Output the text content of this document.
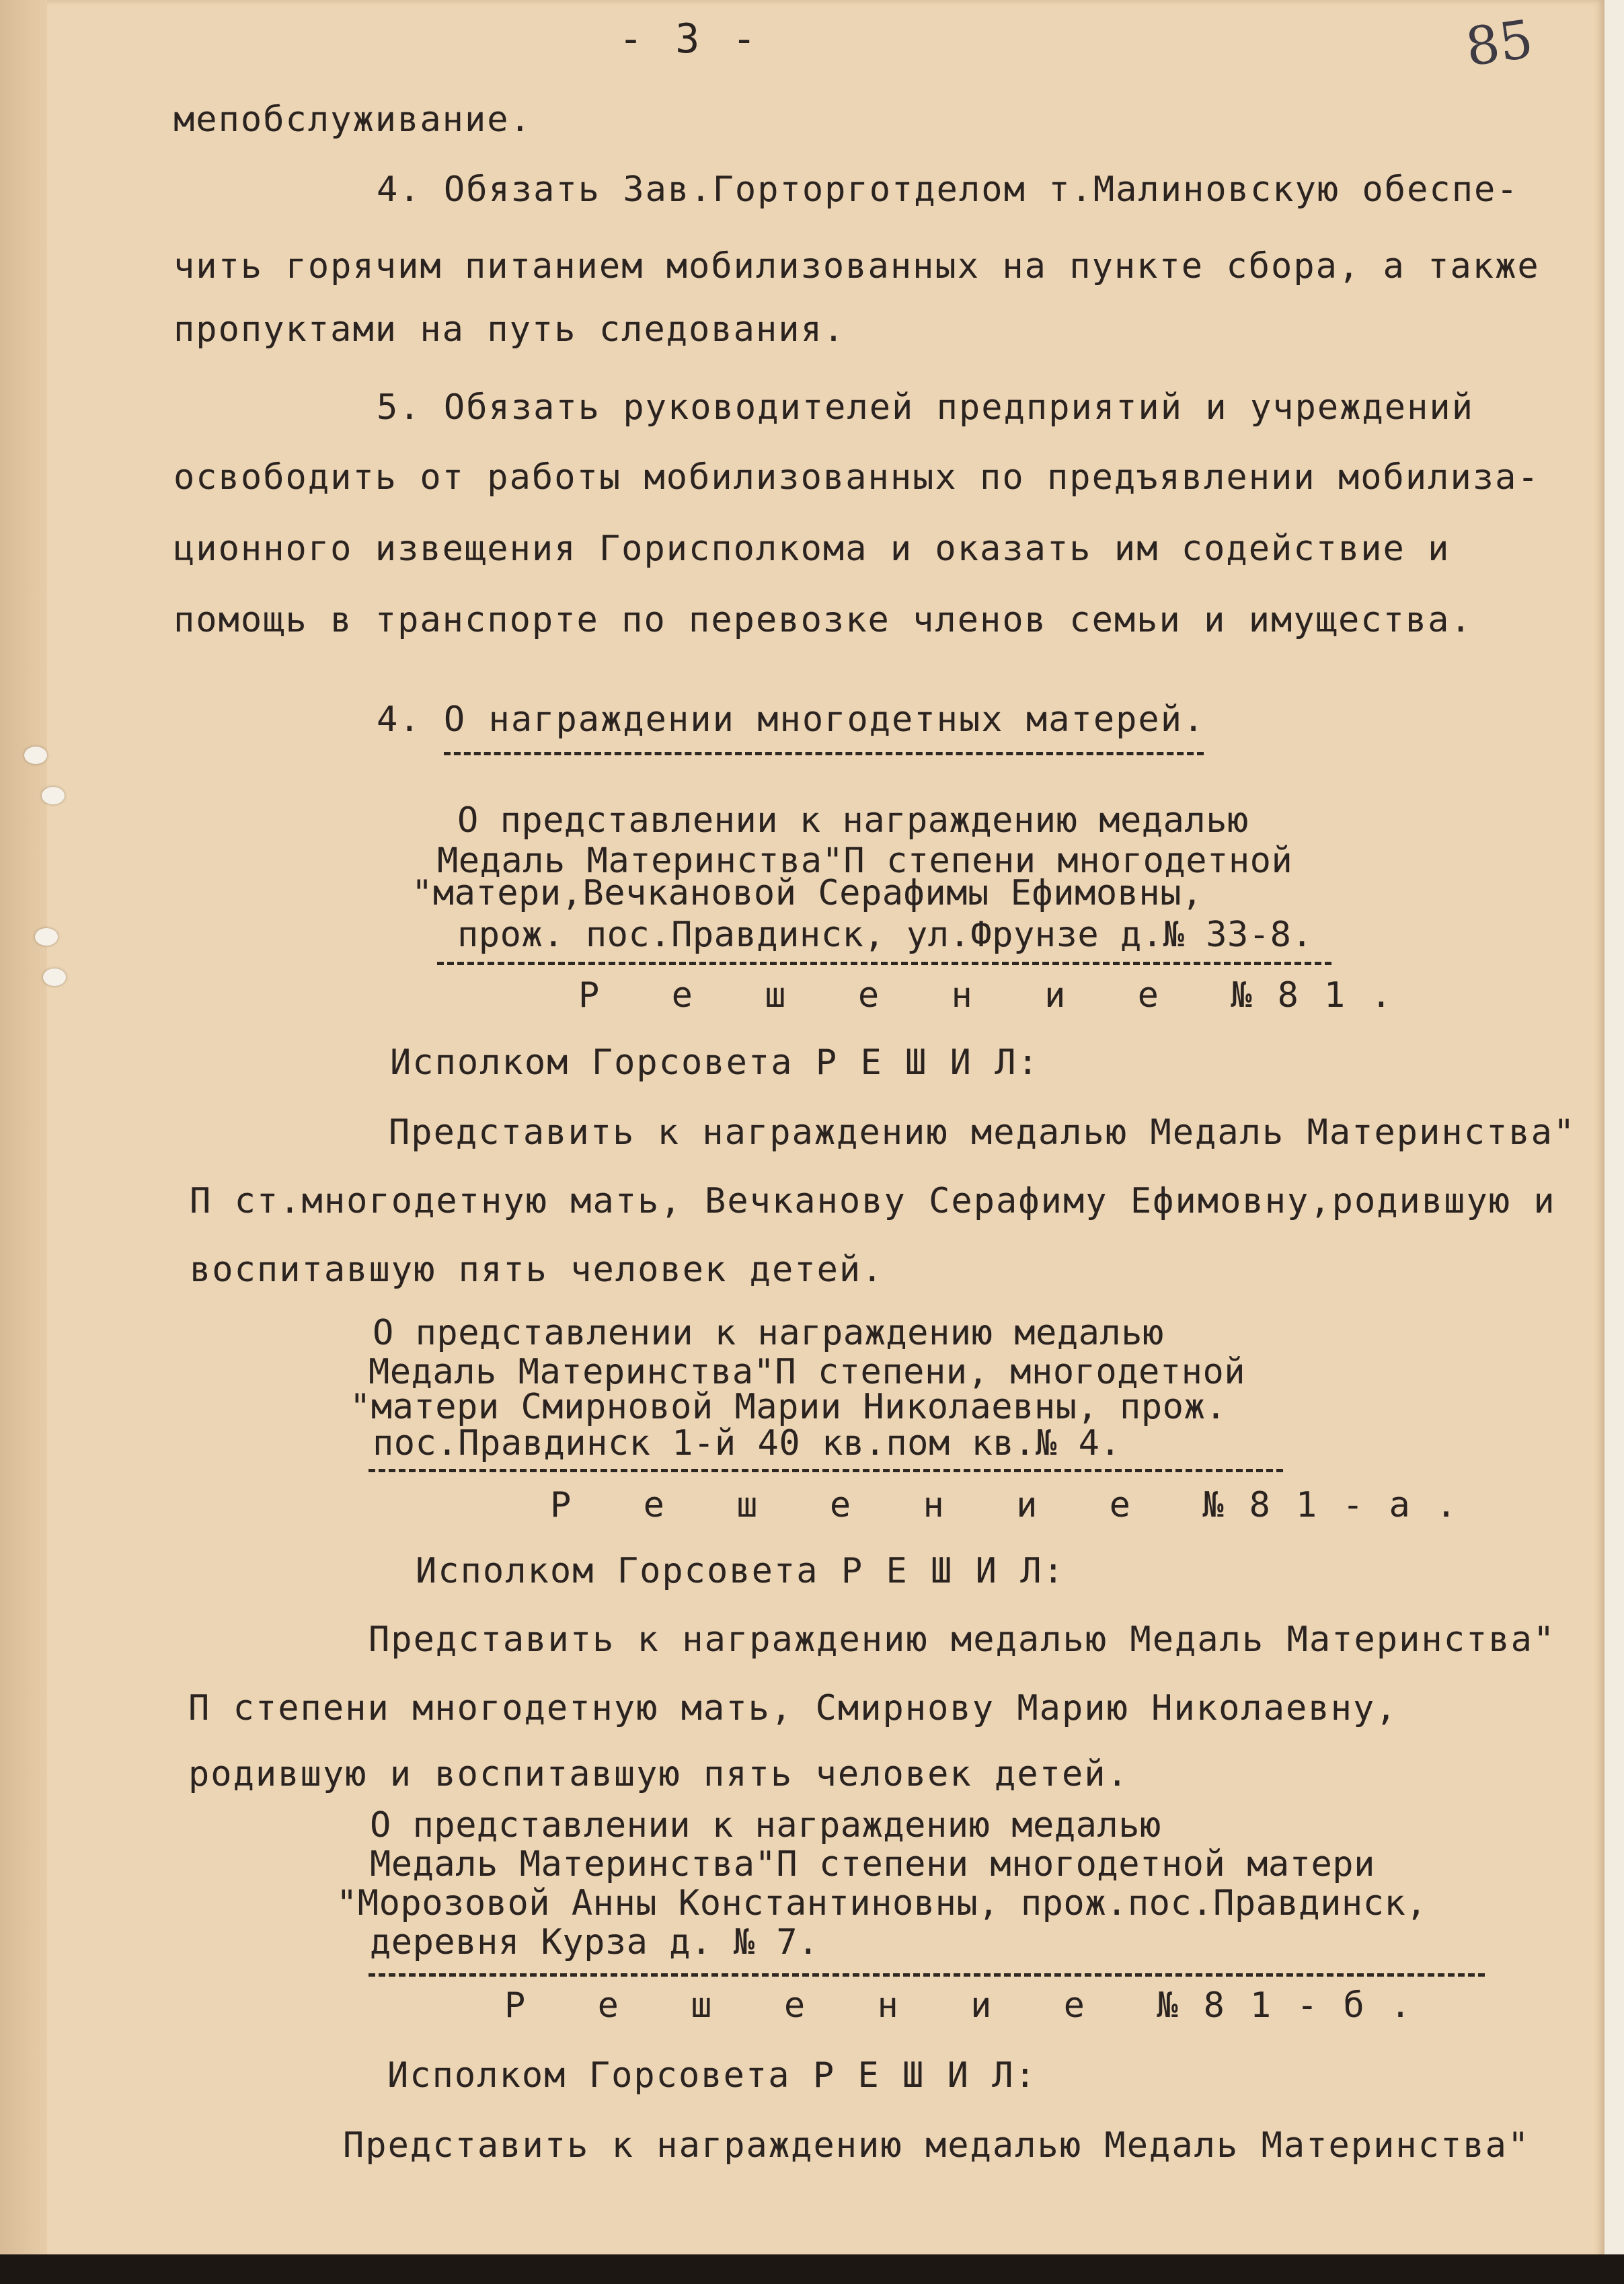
- 3 -	85

мепобслуживание.

4. Обязать Зав.Горторготделом т.Малиновскую обеспе-

чить горячим питанием мобилизованных на пункте сбора, а также

пропуктами на путь следования.

5. Обязать руководителей предприятий и учреждений

освободить от работы мобилизованных по предъявлении мобилиза-

ционного извещения Горисполкома и оказать им содействие и

помощь в транспорте по перевозке членов семьи и имущества.

4. О награждении многодетных матерей.

О представлении к награждению медалью

Медаль Материнства"П степени многодетной

"матери,Вечкановой Серафимы Ефимовны,

прож. пос.Правдинск, ул.Фрунзе д.№ 33-8.

Р е ш е н и е №81.

Исполком Горсовета Р Е Ш И Л:

Представить к награждению медалью Медаль Материнства"

П ст.многодетную мать, Вечканову Серафиму Ефимовну,родившую и

воспитавшую пять человек детей.

О представлении к награждению медалью

Медаль Материнства"П степени, многодетной

"матери Смирновой Марии Николаевны, прож.

пос.Правдинск 1-й 40 кв.пом кв.№ 4.

Р е ш е н и е №81-а.

Исполком Горсовета Р Е Ш И Л:

Представить к награждению медалью Медаль Материнства"

П степени многодетную мать, Смирнову Марию Николаевну,

родившую и воспитавшую пять человек детей.

О представлении к награждению медалью

Медаль Материнства"П степени многодетной матери

"Морозовой Анны Константиновны, прож.пос.Правдинск,

деревня Курза д. № 7.

Р е ш е н и е №81-б.

Исполком Горсовета Р Е Ш И Л:

Представить к награждению медалью Медаль Материнства"
